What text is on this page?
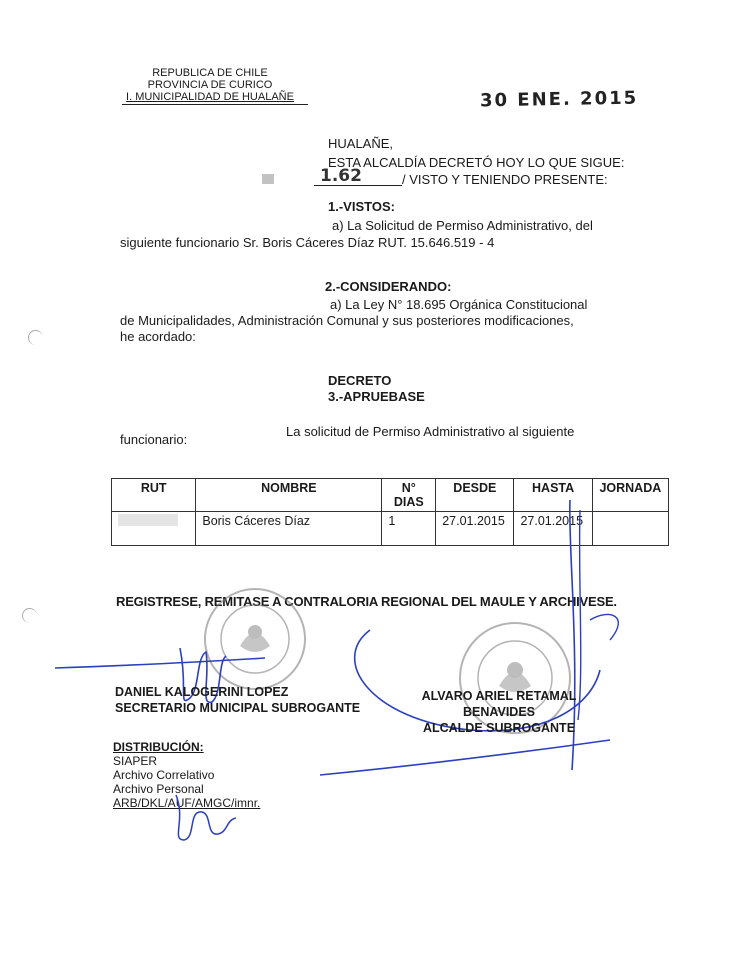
REPUBLICA DE CHILE
PROVINCIA DE CURICO
I. MUNICIPALIDAD DE HUALAÑE	30 ENE. 2015
HUALAÑE,
ESTA ALCALDÍA DECRETÓ HOY LO QUE SIGUE:
1.62	/ VISTO Y TENIENDO PRESENTE:
1.-VISTOS:
a) La Solicitud de Permiso Administrativo, del
siguiente funcionario Sr. Boris Cáceres Díaz RUT. 15.646.519 - 4
2.-CONSIDERANDO:
a) La Ley N° 18.695 Orgánica Constitucional
de Municipalidades, Administración Comunal y sus posteriores modificaciones,
he acordado:
DECRETO
3.-APRUEBASE
La solicitud de Permiso Administrativo al siguiente
funcionario:
RUT	NOMBRE	N° DIAS	DESDE	HASTA	JORNADA
	Boris Cáceres Díaz	1	27.01.2015	27.01.2015	
REGISTRESE, REMITASE A CONTRALORIA REGIONAL DEL MAULE Y ARCHIVESE.
DANIEL KALOGERINI LOPEZ
SECRETARIO MUNICIPAL SUBROGANTE
ALVARO ARIEL RETAMAL BENAVIDES
ALCALDE SUBROGANTE
DISTRIBUCIÓN:
SIAPER
Archivo Correlativo
Archivo Personal
ARB/DKL/AUF/AMGC/imnr.
